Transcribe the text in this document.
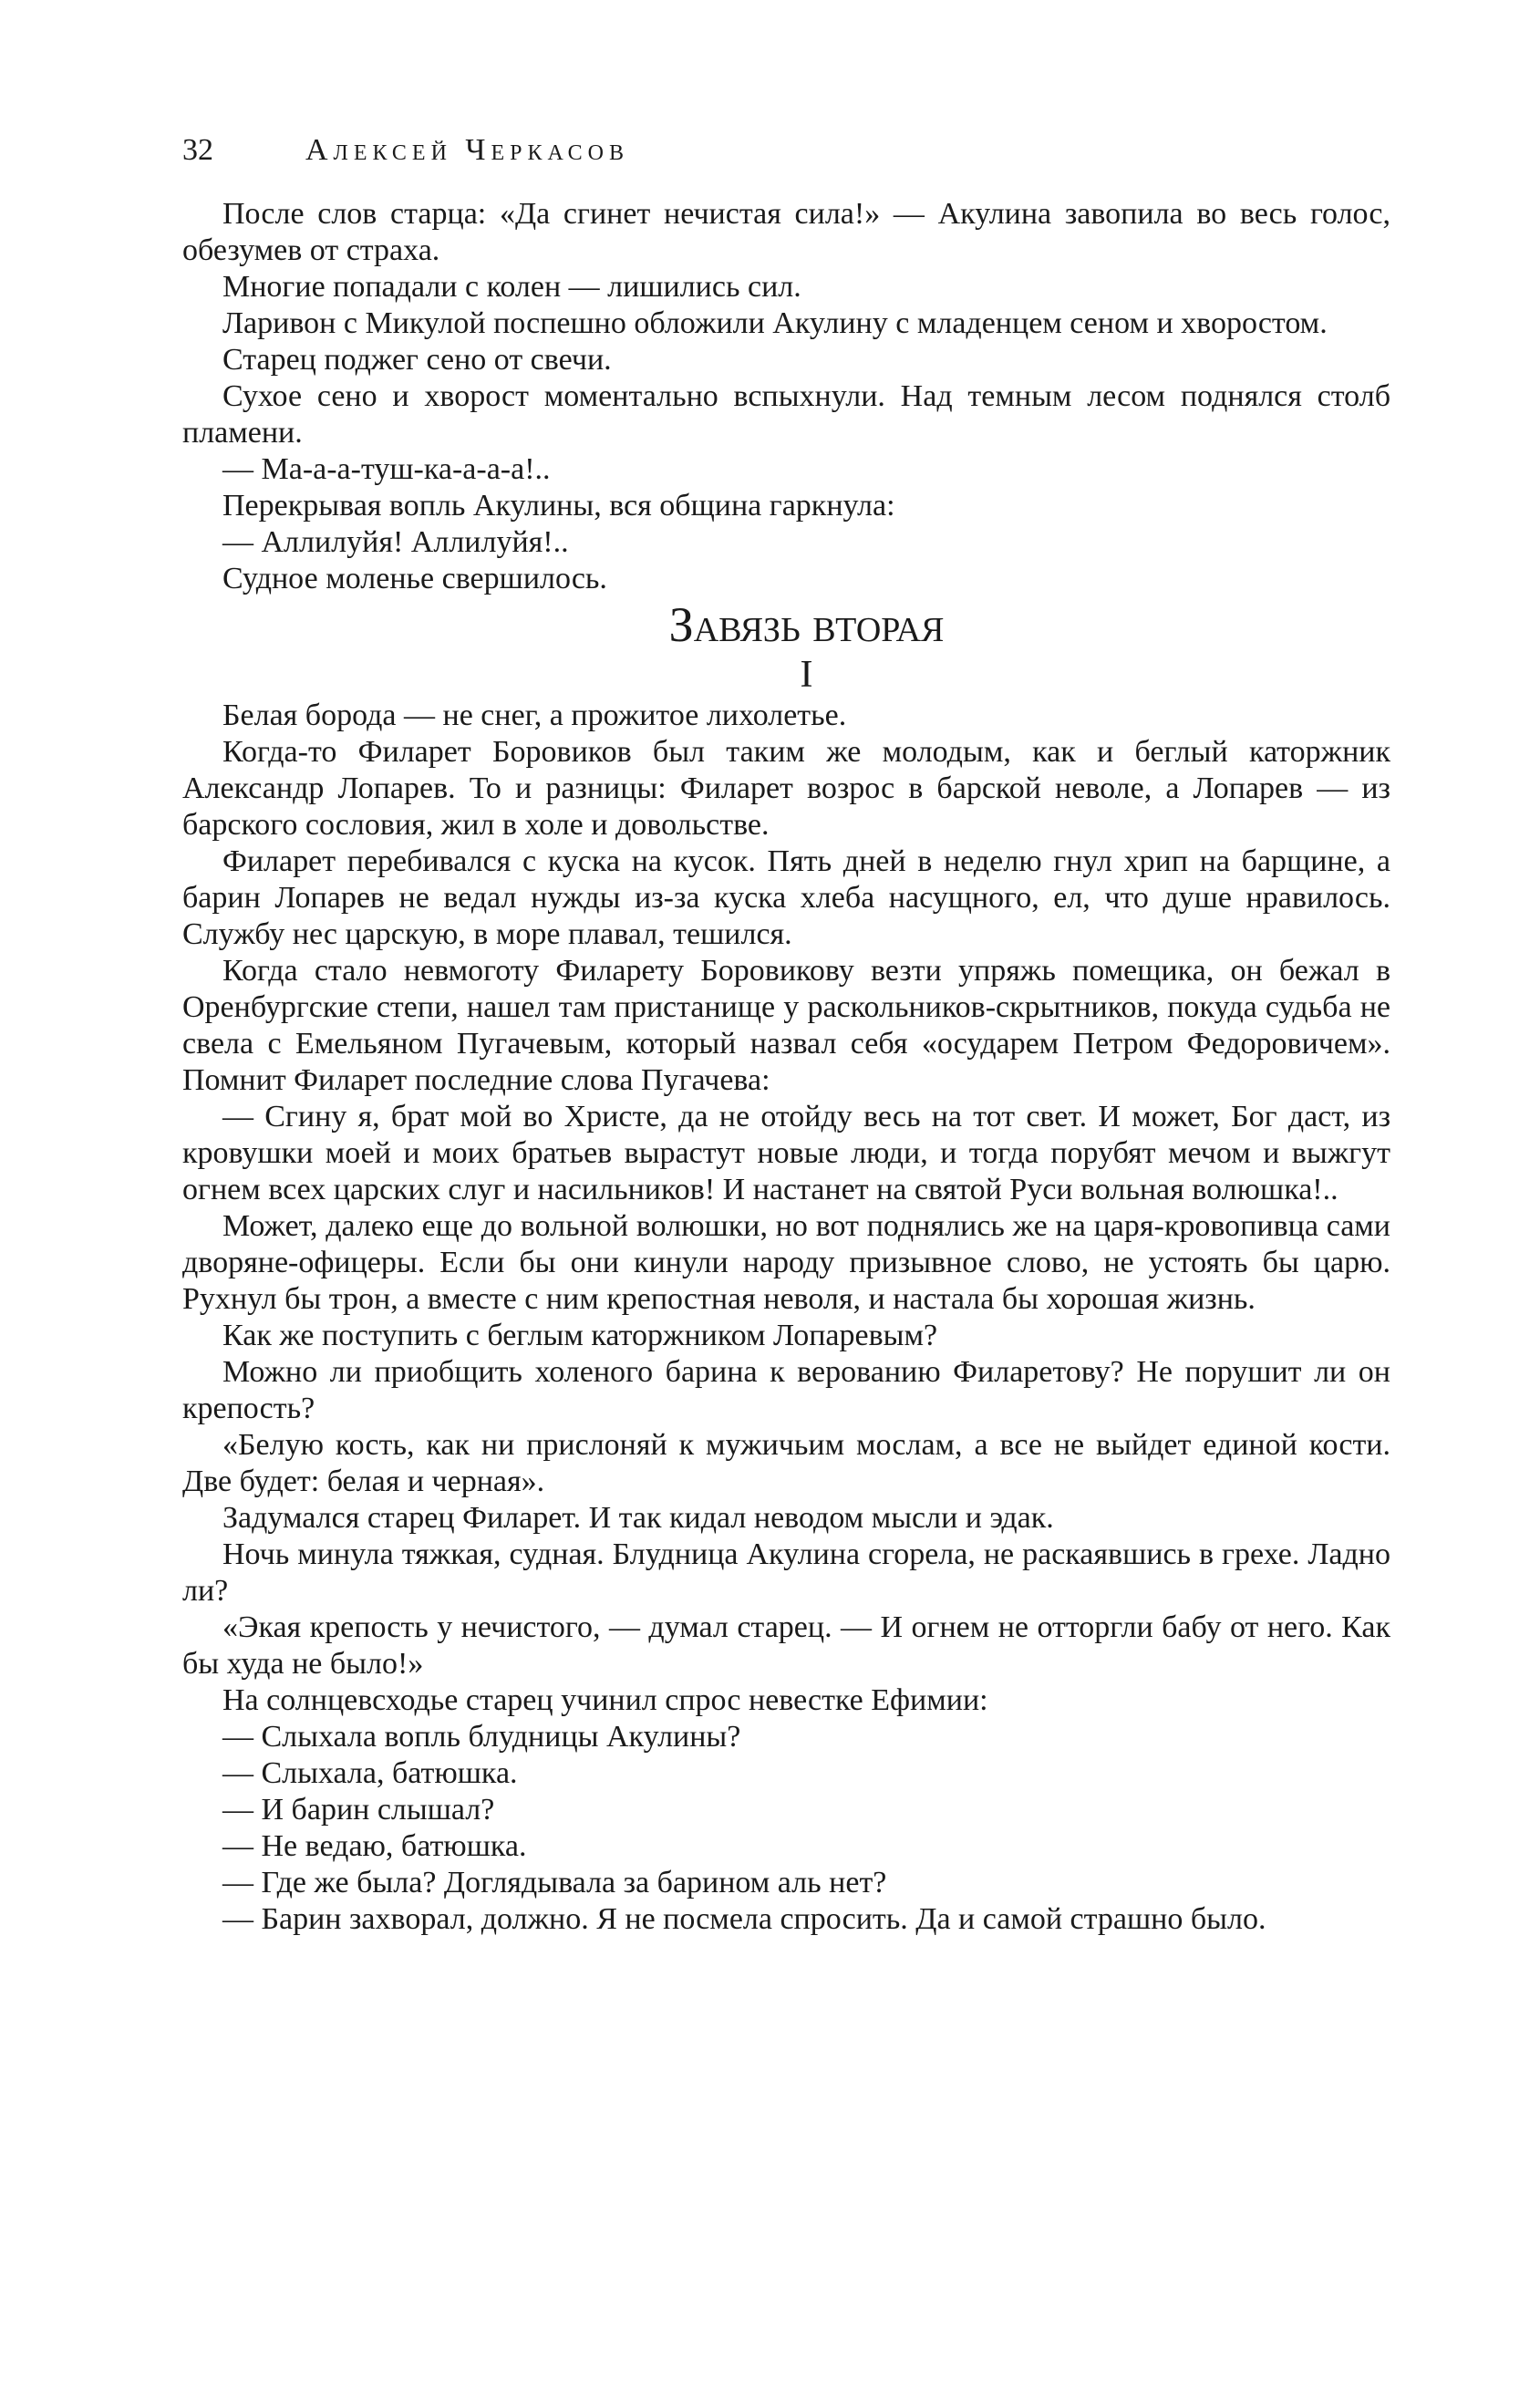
32	Алексей Черкасов

После слов старца: «Да сгинет нечистая сила!» — Акулина завопила во весь голос, обезумев от страха.

Многие попадали с колен — лишились сил.

Ларивон с Микулой поспешно обложили Акулину с младенцем сеном и хворостом.

Старец поджег сено от свечи.

Сухое сено и хворост моментально вспыхнули. Над темным лесом поднялся столб пламени.

— Ма-а-а-туш-ка-а-а-а!..

Перекрывая вопль Акулины, вся община гаркнула:

— Аллилуйя! Аллилуйя!..

Судное моленье свершилось.

Завязь вторая

I

Белая борода — не снег, а прожитое лихолетье.

Когда-то Филарет Боровиков был таким же молодым, как и беглый каторжник Александр Лопарев. То и разницы: Филарет возрос в барской неволе, а Лопарев — из барского сословия, жил в холе и довольстве.

Филарет перебивался с куска на кусок. Пять дней в неделю гнул хрип на барщине, а барин Лопарев не ведал нужды из-за куска хлеба насущного, ел, что душе нравилось. Службу нес царскую, в море плавал, тешился.

Когда стало невмоготу Филарету Боровикову везти упряжь помещика, он бежал в Оренбургские степи, нашел там пристанище у раскольников-скрытников, покуда судьба не свела с Емельяном Пугачевым, который назвал себя «осударем Петром Федоровичем». Помнит Филарет последние слова Пугачева:

— Сгину я, брат мой во Христе, да не отойду весь на тот свет. И может, Бог даст, из кровушки моей и моих братьев вырастут новые люди, и тогда порубят мечом и выжгут огнем всех царских слуг и насильников! И настанет на святой Руси вольная волюшка!..

Может, далеко еще до вольной волюшки, но вот поднялись же на царя-кровопивца сами дворяне-офицеры. Если бы они кинули народу призывное слово, не устоять бы царю. Рухнул бы трон, а вместе с ним крепостная неволя, и настала бы хорошая жизнь.

Как же поступить с беглым каторжником Лопаревым?

Можно ли приобщить холеного барина к верованию Филаретову? Не порушит ли он крепость?

«Белую кость, как ни прислоняй к мужичьим мослам, а все не выйдет единой кости. Две будет: белая и черная».

Задумался старец Филарет. И так кидал неводом мысли и эдак.

Ночь минула тяжкая, судная. Блудница Акулина сгорела, не раскаявшись в грехе. Ладно ли?

«Экая крепость у нечистого, — думал старец. — И огнем не отторгли бабу от него. Как бы худа не было!»

На солнцевсходье старец учинил спрос невестке Ефимии:

— Слыхала вопль блудницы Акулины?

— Слыхала, батюшка.

— И барин слышал?

— Не ведаю, батюшка.

— Где же была? Доглядывала за барином аль нет?

— Барин захворал, должно. Я не посмела спросить. Да и самой страшно было.
